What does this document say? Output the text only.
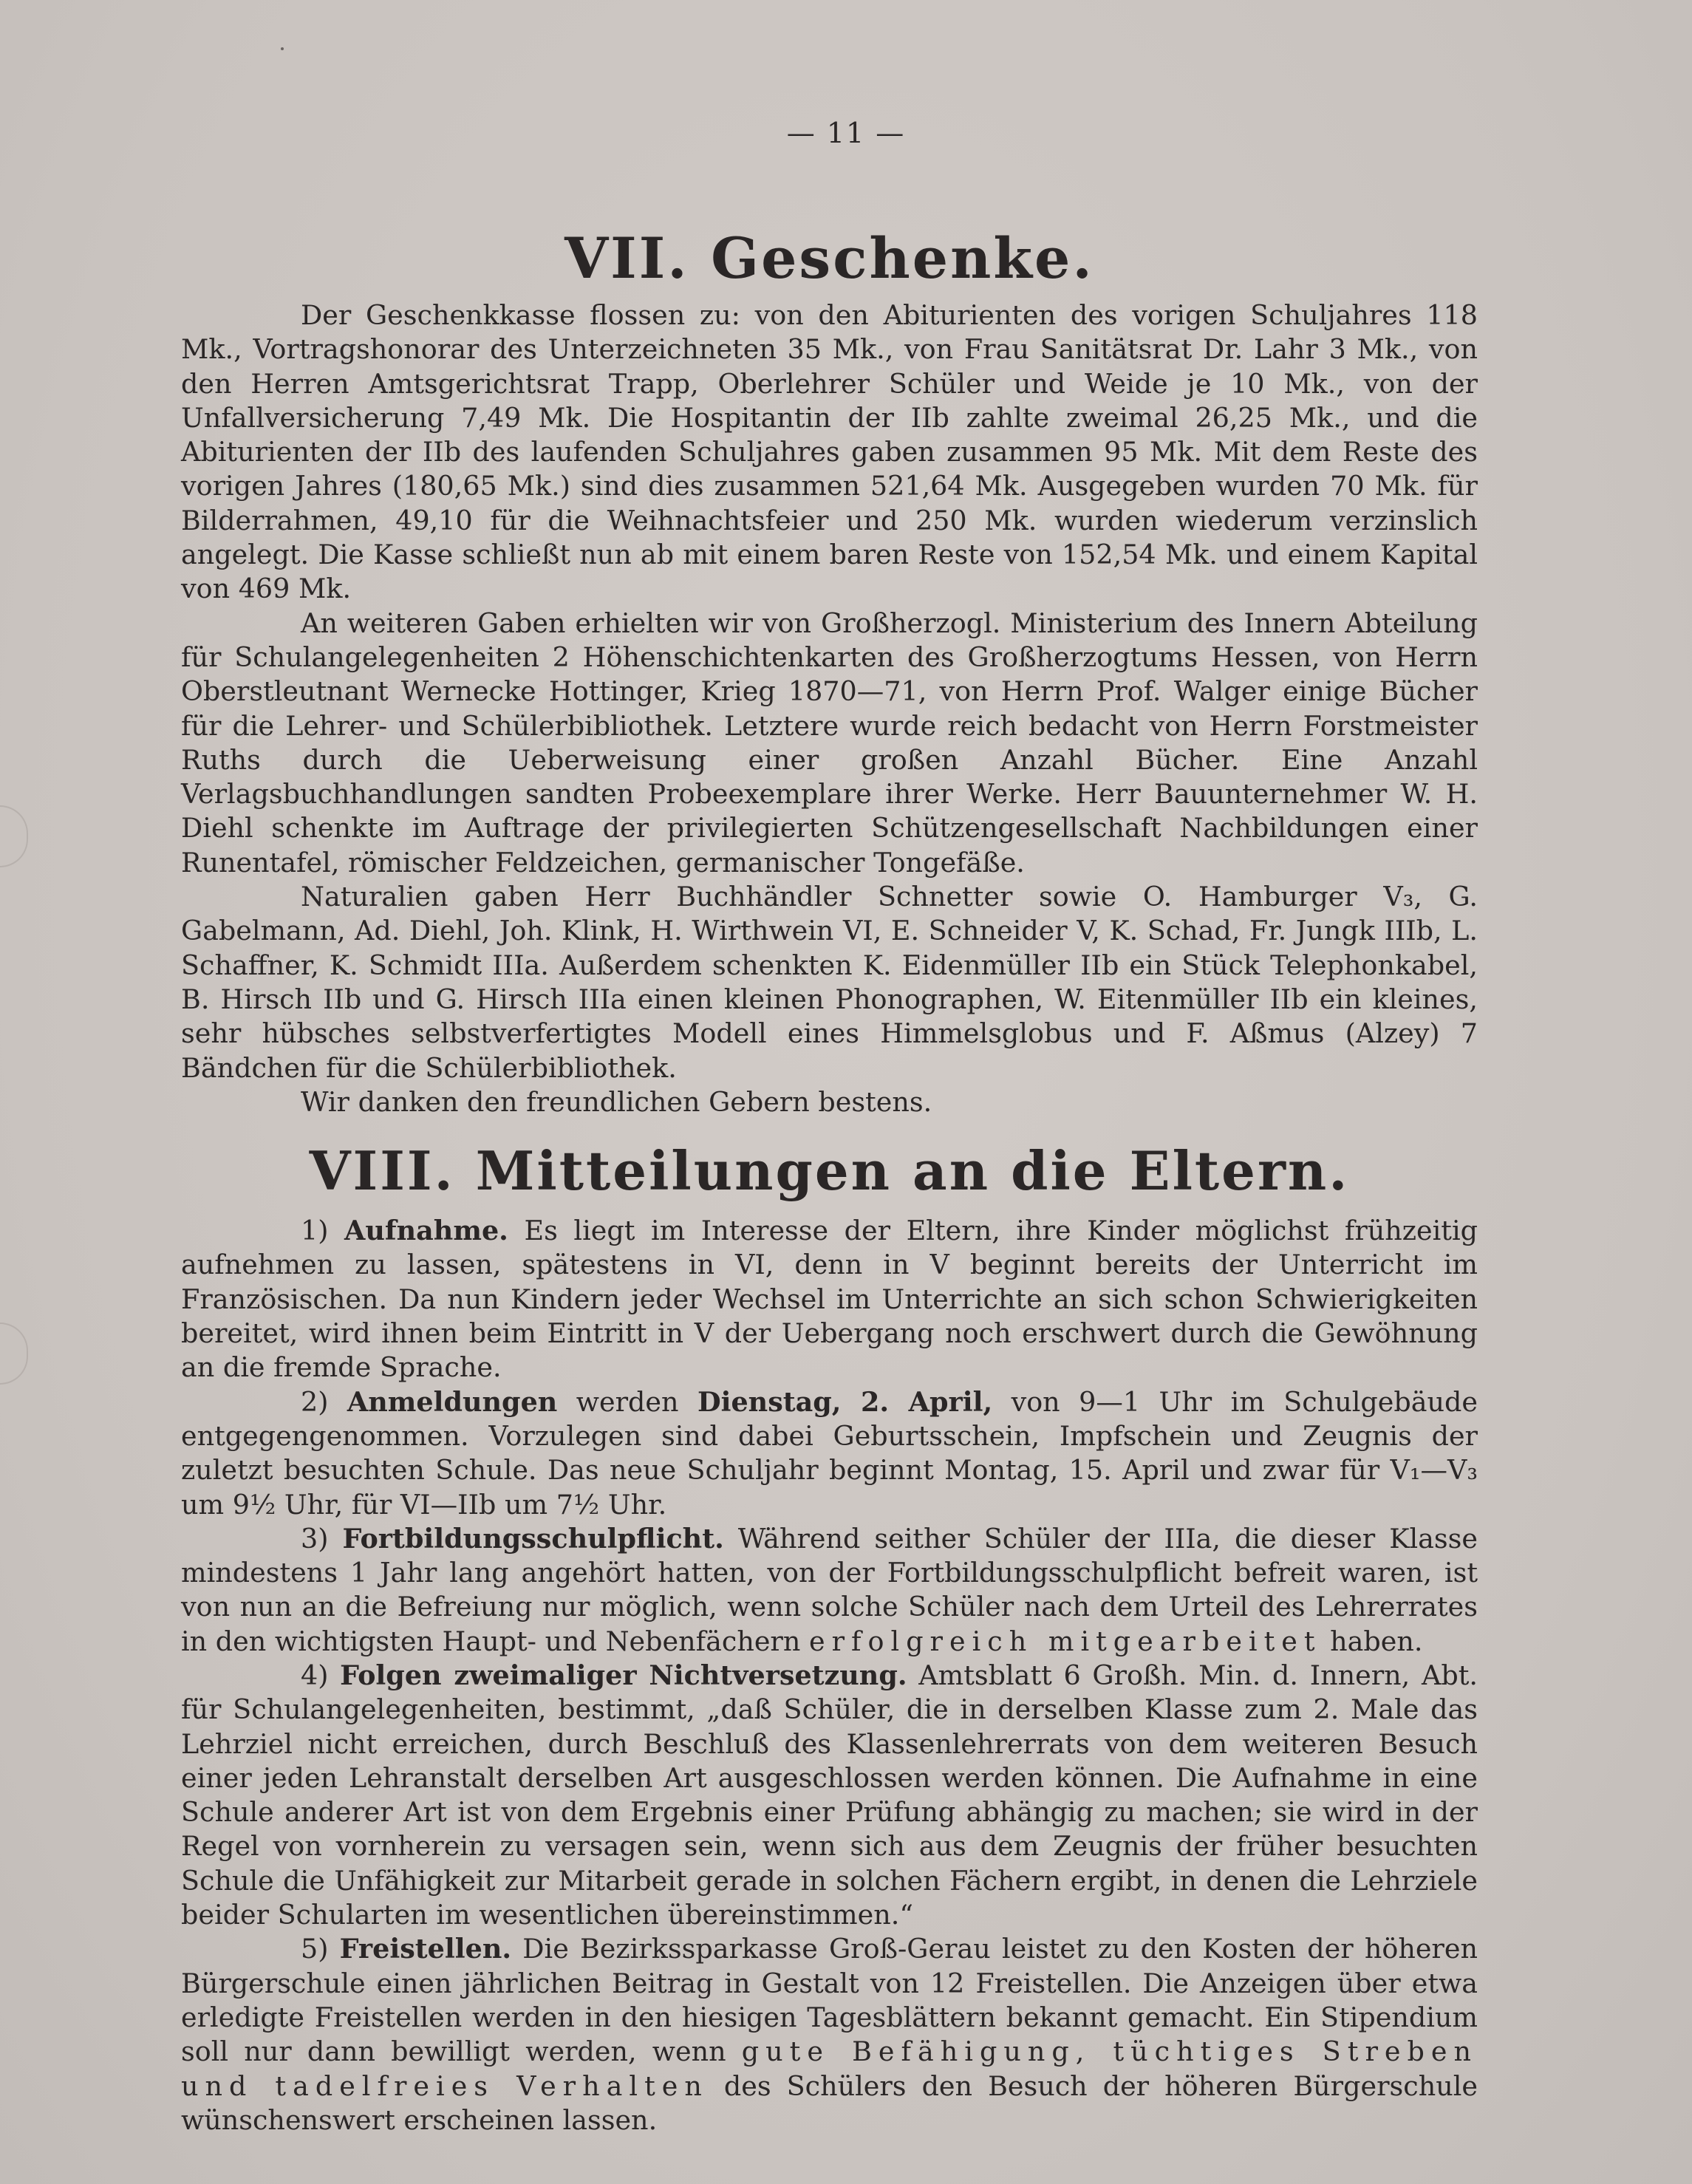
— 11 —
VII. Geschenke.

Der Geschenkkasse flossen zu: von den Abiturienten des vorigen Schuljahres 118 Mk., Vortragshonorar des Unterzeichneten 35 Mk., von Frau Sanitätsrat Dr. Lahr 3 Mk., von den Herren Amtsgerichtsrat Trapp, Oberlehrer Schüler und Weide je 10 Mk., von der Unfallversicherung 7,49 Mk. Die Hospitantin der IIb zahlte zweimal 26,25 Mk., und die Abiturienten der IIb des laufenden Schuljahres gaben zusammen 95 Mk. Mit dem Reste des vorigen Jahres (180,65 Mk.) sind dies zusammen 521,64 Mk. Ausgegeben wurden 70 Mk. für Bilderrahmen, 49,10 für die Weihnachtsfeier und 250 Mk. wurden wiederum verzinslich angelegt. Die Kasse schließt nun ab mit einem baren Reste von 152,54 Mk. und einem Kapital von 469 Mk.

An weiteren Gaben erhielten wir von Großherzogl. Ministerium des Innern Abteilung für Schulangelegenheiten 2 Höhenschichtenkarten des Großherzogtums Hessen, von Herrn Oberstleutnant Wernecke Hottinger, Krieg 1870—71, von Herrn Prof. Walger einige Bücher für die Lehrer- und Schülerbibliothek. Letztere wurde reich bedacht von Herrn Forstmeister Ruths durch die Ueberweisung einer großen Anzahl Bücher. Eine Anzahl Verlagsbuchhandlungen sandten Probeexemplare ihrer Werke. Herr Bauunternehmer W. H. Diehl schenkte im Auftrage der privilegierten Schützengesellschaft Nachbildungen einer Runentafel, römischer Feldzeichen, germanischer Tongefäße.

Naturalien gaben Herr Buchhändler Schnetter sowie O. Hamburger V₃, G. Gabelmann, Ad. Diehl, Joh. Klink, H. Wirthwein VI, E. Schneider V, K. Schad, Fr. Jungk IIIb, L. Schaffner, K. Schmidt IIIa. Außerdem schenkten K. Eidenmüller IIb ein Stück Telephonkabel, B. Hirsch IIb und G. Hirsch IIIa einen kleinen Phonographen, W. Eitenmüller IIb ein kleines, sehr hübsches selbstverfertigtes Modell eines Himmelsglobus und F. Aßmus (Alzey) 7 Bändchen für die Schülerbibliothek.

Wir danken den freundlichen Gebern bestens.

VIII. Mitteilungen an die Eltern.

1) Aufnahme. Es liegt im Interesse der Eltern, ihre Kinder möglichst frühzeitig aufnehmen zu lassen, spätestens in VI, denn in V beginnt bereits der Unterricht im Französischen. Da nun Kindern jeder Wechsel im Unterrichte an sich schon Schwierigkeiten bereitet, wird ihnen beim Eintritt in V der Uebergang noch erschwert durch die Gewöhnung an die fremde Sprache.

2) Anmeldungen werden Dienstag, 2. April, von 9—1 Uhr im Schulgebäude entgegengenommen. Vorzulegen sind dabei Geburtsschein, Impfschein und Zeugnis der zuletzt besuchten Schule. Das neue Schuljahr beginnt Montag, 15. April und zwar für V₁—V₃ um 9½ Uhr, für VI—IIb um 7½ Uhr.

3) Fortbildungsschulpflicht. Während seither Schüler der IIIa, die dieser Klasse mindestens 1 Jahr lang angehört hatten, von der Fortbildungsschulpflicht befreit waren, ist von nun an die Befreiung nur möglich, wenn solche Schüler nach dem Urteil des Lehrerrates in den wichtigsten Haupt- und Nebenfächern erfolgreich mitgearbeitet haben.

4) Folgen zweimaliger Nichtversetzung. Amtsblatt 6 Großh. Min. d. Innern, Abt. für Schulangelegenheiten, bestimmt, „daß Schüler, die in derselben Klasse zum 2. Male das Lehrziel nicht erreichen, durch Beschluß des Klassenlehrerrats von dem weiteren Besuch einer jeden Lehranstalt derselben Art ausgeschlossen werden können. Die Aufnahme in eine Schule anderer Art ist von dem Ergebnis einer Prüfung abhängig zu machen; sie wird in der Regel von vornherein zu versagen sein, wenn sich aus dem Zeugnis der früher besuchten Schule die Unfähigkeit zur Mitarbeit gerade in solchen Fächern ergibt, in denen die Lehrziele beider Schularten im wesentlichen übereinstimmen.“

5) Freistellen. Die Bezirkssparkasse Groß-Gerau leistet zu den Kosten der höheren Bürgerschule einen jährlichen Beitrag in Gestalt von 12 Freistellen. Die Anzeigen über etwa erledigte Freistellen werden in den hiesigen Tagesblättern bekannt gemacht. Ein Stipendium soll nur dann bewilligt werden, wenn gute Befähigung, tüchtiges Streben und tadelfreies Verhalten des Schülers den Besuch der höheren Bürgerschule wünschenswert erscheinen lassen.
